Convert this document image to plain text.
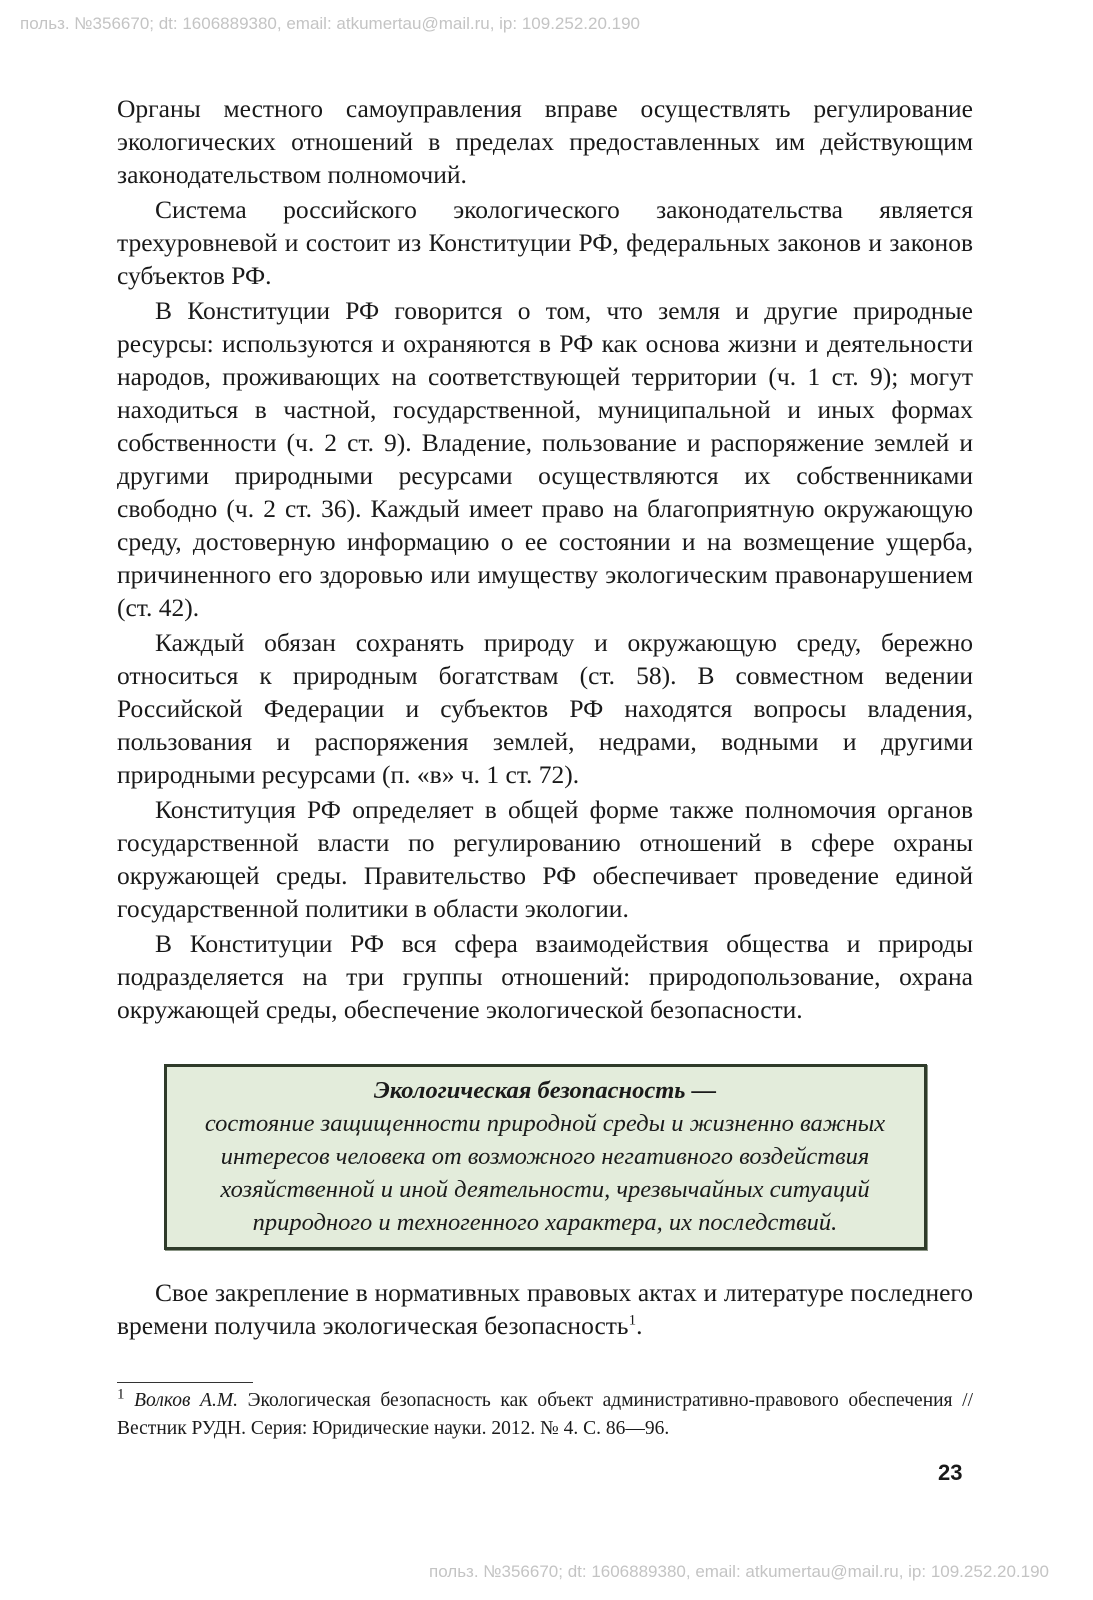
польз. №356670; dt: 1606889380, email: atkumertau@mail.ru, ip: 109.252.20.190

Органы местного самоуправления вправе осуществлять регулирование экологических отношений в пределах предоставленных им действующим законодательством полномочий.

Система российского экологического законодательства является трехуровневой и состоит из Конституции РФ, федеральных законов и законов субъектов РФ.

В Конституции РФ говорится о том, что земля и другие природные ресурсы: используются и охраняются в РФ как основа жизни и деятельности народов, проживающих на соответствующей территории (ч. 1 ст. 9); могут находиться в частной, государственной, муниципальной и иных формах собственности (ч. 2 ст. 9). Владение, пользование и распоряжение землей и другими природными ресурсами осуществляются их собственниками свободно (ч. 2 ст. 36). Каждый имеет право на благоприятную окружающую среду, достоверную информацию о ее состоянии и на возмещение ущерба, причиненного его здоровью или имуществу экологическим правонарушением (ст. 42).

Каждый обязан сохранять природу и окружающую среду, бережно относиться к природным богатствам (ст. 58). В совместном ведении Российской Федерации и субъектов РФ находятся вопросы владения, пользования и распоряжения землей, недрами, водными и другими природными ресурсами (п. «в» ч. 1 ст. 72).

Конституция РФ определяет в общей форме также полномочия органов государственной власти по регулированию отношений в сфере охраны окружающей среды. Правительство РФ обеспечивает проведение единой государственной политики в области экологии.

В Конституции РФ вся сфера взаимодействия общества и природы подразделяется на три группы отношений: природопользование, охрана окружающей среды, обеспечение экологической безопасности.

Экологическая безопасность —
состояние защищенности природной среды и жизненно важных интересов человека от возможного негативного воздействия хозяйственной и иной деятельности, чрезвычайных ситуаций природного и техногенного характера, их последствий.

Свое закрепление в нормативных правовых актах и литературе последнего времени получила экологическая безопасность$^1$.

$^1$ Волков А.М. Экологическая безопасность как объект административно-правового обеспечения // Вестник РУДН. Серия: Юридические науки. 2012. № 4. С. 86—96.
23
польз. №356670; dt: 1606889380, email: atkumertau@mail.ru, ip: 109.252.20.190
